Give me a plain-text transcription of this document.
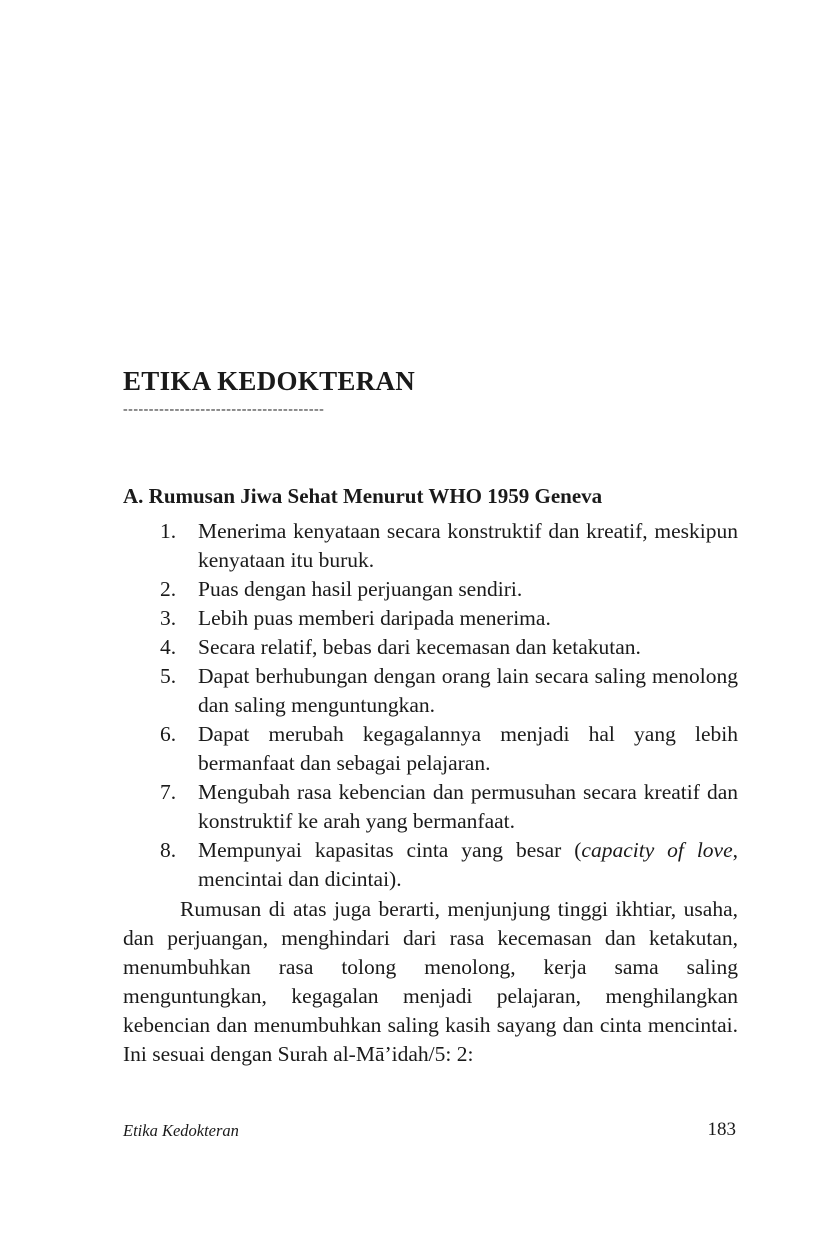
ETIKA KEDOKTERAN
---------------------------------------
A. Rumusan Jiwa Sehat Menurut WHO 1959 Geneva
1. Menerima kenyataan secara konstruktif dan kreatif, meskipun kenyataan itu buruk.
2. Puas dengan hasil perjuangan sendiri.
3. Lebih puas memberi daripada menerima.
4. Secara relatif, bebas dari kecemasan dan ketakutan.
5. Dapat berhubungan dengan orang lain secara saling menolong dan saling menguntungkan.
6. Dapat merubah kegagalannya menjadi hal yang lebih bermanfaat dan sebagai pelajaran.
7. Mengubah rasa kebencian dan permusuhan secara kreatif dan konstruktif ke arah yang bermanfaat.
8. Mempunyai kapasitas cinta yang besar (capacity of love, mencintai dan dicintai).

Rumusan di atas juga berarti, menjunjung tinggi ikhtiar, usaha, dan perjuangan, menghindari dari rasa kecemasan dan ketakutan, menumbuhkan rasa tolong menolong, kerja sama saling menguntungkan, kegagalan menjadi pelajaran, menghilangkan kebencian dan menumbuhkan saling kasih sayang dan cinta mencintai. Ini sesuai dengan Surah al-Māʼidah/5: 2:

Etika Kedokteran	183
